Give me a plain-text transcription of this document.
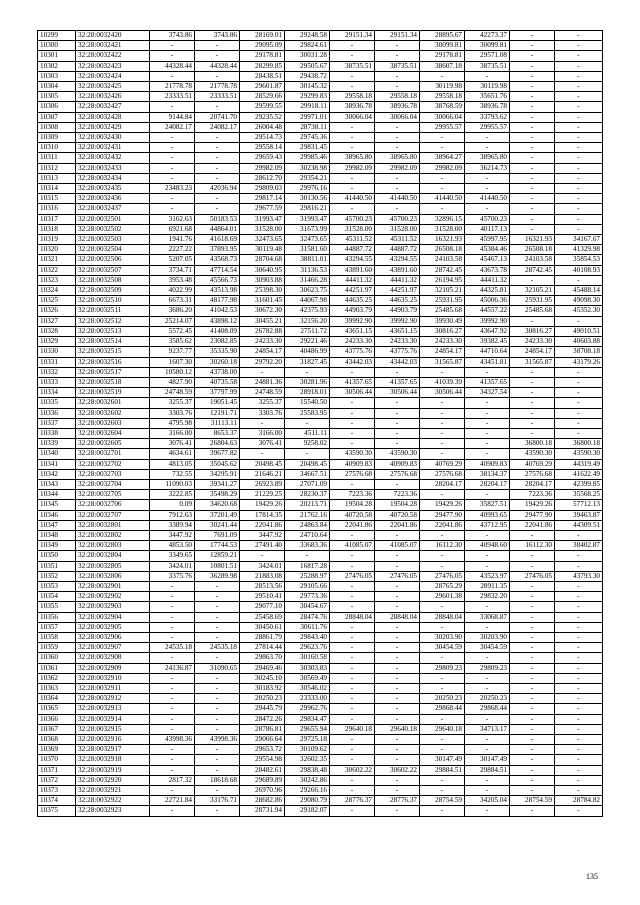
10299	32:28:0032420	3743.86	3743.86	28169.01	29248.58	29151.34	29151.34	28895.67	42273.37	-	-
10300	32:28:0032421	-	-	29095.09	29824.61	-	-	30099.81	30099.81	-	-
10301	32:28:0032422	-	-	29178.81	30031.28	-	-	29178.81	29571.08	-	-
10302	32:28:0032423	44328.44	44328.44	28299.85	29505.67	38735.51	38735.51	38607.18	38735.51	-	-
10303	32:28:0032424	-	-	28438.51	29438.72	-	-	-	-	-	-
10304	32:28:0032425	21778.78	21778.78	29601.87	30145.32	-	-	30119.98	30119.98	-	-
10305	32:28:0032426	23333.51	23333.51	28529.66	29299.83	29558.18	29558.18	29558.18	35651.76	-	-
10306	32:28:0032427	-	-	29599.55	29918.11	38936.78	38936.78	38768.59	38936.78	-	-
10307	32:28:0032428	9144.84	20741.70	29235.52	29971.01	30066.04	30066.04	30066.04	33793.62	-	-
10308	32:28:0032429	24082.17	24082.17	26004.48	28738.11	-	-	29955.57	29955.57	-	-
10309	32:28:0032430	-	-	29514.73	29745.36	-	-	-	-	-	-
10310	32:28:0032431	-	-	29558.14	29831.45	-	-	-	-	-	-
10311	32:28:0032432	-	-	29659.43	29985.46	38965.80	38965.80	38964.27	38965.80	-	-
10312	32:28:0032433	-	-	29982.09	30238.98	29982.09	29982.09	29982.09	36214.73	-	-
10313	32:28:0032434	-	-	28612.70	29354.21	-	-	-	-	-	-
10314	32:28:0032435	23483.23	42036.94	29809.03	29976.16	-	-	-	-	-	-
10315	32:28:0032436	-	-	29817.14	30130.56	41440.50	41440.50	41440.50	41440.50	-	-
10316	32:28:0032437	-	-	29677.59	29816.21	-	-	-	-	-	-
10317	32:28:0032501	3162.63	50183.53	31993.47	31993.47	45700.23	45700.23	32896.15	45700.23	-	-
10318	32:28:0032502	6921.68	44864.01	31528.00	31673.99	31528.00	31528.00	31528.00	40117.13	-	-
10319	32:28:0032503	1941.76	41618.69	32473.65	32473.65	45311.52	45311.52	16321.93	45997.95	16321.93	34167.67
10320	32:28:0032504	2227.22	37893.95	30119.48	31581.60	44887.72	44887.72	26508.18	45384.46	26508.18	41329.98
10321	32:28:0032506	5207.05	43568.73	28704.68	38811.01	43294.55	43294.55	24103.58	45467.13	24103.58	35854.53
10322	32:28:0032507	3734.71	47714.54	30640.95	31136.53	43891.60	43891.60	28742.45	43673.78	28742.45	40108.93
10323	32:28:0032508	3953.48	45566.73	30903.88	31466.28	44411.32	44411.32	26194.95	44411.32	-	-
10324	32:28:0032509	4022.99	43513.98	25398.30	30623.75	44251.97	44251.97	32105.21	44325.81	32105.21	45488.14
10325	32:28:0032510	6673.31	48177.98	31601.45	44067.98	44635.25	44635.25	25931.95	45006.36	25931.95	49098.30
10326	32:28:0032511	3686.20	41042.53	30672.30	42375.93	44903.79	44903.79	25485.68	44557.22	25485.68	45352.30
10327	32:28:0032512	25214.07	43898.12	30455.21	32156.20	39992.90	39992.90	39930.49	39992.90	-	-
10328	32:28:0032513	5572.45	41408.09	26782.88	27511.72	43651.15	43651.15	30816.27	43647.92	30816.27	49010.51
10329	32:28:0032514	3585.62	23082.85	24233.30	29221.46	24233.30	24233.30	24233.30	39382.45	24233.30	40603.88
10330	32:28:0032515	9237.77	35335.90	24854.17	40486.99	43775.76	43775.76	24854.17	44710.64	24854.17	38708.18
10331	32:28:0032516	1607.30	30260.18	29792.20	31827.45	43442.03	43442.03	31565.87	43451.81	31565.87	43179.26
10332	32:28:0032517	10580.12	43738.00	-	-	-	-	-	-	-	-
10333	32:28:0032518	4827.90	40735.58	24881.36	30281.96	41357.65	41357.65	41039.39	41357.65	-	-
10334	32:28:0032519	24748.59	37797.99	24748.59	28918.01	30506.44	30506.44	30506.44	34327.54	-	-
10335	32:28:0032601	3255.37	19051.45	3255.37	15540.50	-	-	-	-	-	-
10336	32:28:0032602	3303.76	12191.71	3303.76	25583.95	-	-	-	-	-	-
10337	32:28:0032603	4795.98	31113.11	-	-	-	-	-	-	-	-
10338	32:28:0032604	3166.00	8653.37	3166.00	4511.11	-	-	-	-	-	-
10339	32:28:0032605	3076.41	26804.63	3076.41	9258.02	-	-	-	-	36800.18	36800.18
10340	32:28:0032701	4634.61	39677.82	-	-	43590.30	43590.30	-	-	43590.30	43590.30
10341	32:28:0032702	4813.05	35045.62	20498.45	20498.45	40909.83	40909.83	40769.29	40909.83	40769.29	44319.49
10342	32:28:0032703	732.55	34295.91	21646.21	34667.51	27576.68	27576.68	27576.68	38134.37	27576.68	41622.49
10343	32:28:0032704	11090.03	39341.27	26923.89	27071.09	-	-	28204.17	28204.17	28204.17	42399.85
10344	32:28:0032705	3222.85	35498.29	21229.25	28230.37	7223.36	7223.36	-	-	7223.36	35568.25
10345	32:28:0032706	0.09	34620.68	19429.26	20213.71	19504.28	19504.28	19429.26	35827.51	19429.26	57712.13
10346	32:28:0032707	7912.63	37201.49	17814.35	21762.16	40720.58	40720.58	29477.90	40993.65	29477.90	39463.87
10347	32:28:0032801	3389.94	30241.44	22041.86	24863.84	22041.86	22041.86	22041.86	43712.95	22041.86	44309.51
10348	32:28:0032802	3447.92	7691.09	3447.92	24710.64	-	-	-	-	-	-
10349	32:28:0032803	4853.50	17744.53	27491.40	33683.36	41085.07	41085.07	16112.30	40948.60	16112.30	38402.87
10350	32:28:0032804	3349.65	12859.21	-	-	-	-	-	-	-	-
10351	32:28:0032805	3424.01	10801.51	3424.01	16817.28	-	-	-	-	-	-
10352	32:28:0032806	3375.76	36289.98	21883.08	25288.97	27476.05	27476.05	27476.05	43523.97	27476.05	43793.30
10353	32:28:0032901	-	-	28513.56	29105.66	-	-	28765.29	28911.35	-	-
10354	32:28:0032902	-	-	29510.41	29773.36	-	-	29601.38	29832.20	-	-
10355	32:28:0032903	-	-	29077.10	30454.67	-	-	-	-	-	-
10356	32:28:0032904	-	-	25458.69	28474.76	28848.04	28848.04	28848.04	33068.87	-	-
10357	32:28:0032905	-	-	30450.61	30611.76	-	-	-	-	-	-
10358	32:28:0032906	-	-	28861.79	29843.40	-	-	30203.90	30203.90	-	-
10359	32:28:0032907	24535.18	24535.18	27814.44	29623.76	-	-	30454.59	30454.59	-	-
10360	32:28:0032908	-	-	29863.70	30160.58	-	-	-	-	-	-
10361	32:28:0032909	24136.87	31090.65	29469.46	30303.83	-	-	29809.23	29809.23	-	-
10362	32:28:0032910	-	-	30245.10	30569.49	-	-	-	-	-	-
10363	32:28:0032911	-	-	30183.92	30546.02	-	-	-	-	-	-
10364	32:28:0032912	-	-	20250.23	23333.00	-	-	20250.23	20250.23	-	-
10365	32:28:0032913	-	-	29445.79	29962.76	-	-	29868.44	29868.44	-	-
10366	32:28:0032914	-	-	28472.26	29834.47	-	-	-	-	-	-
10367	32:28:0032915	-	-	28786.81	29655.94	29640.18	29640.18	29640.18	34713.17	-	-
10368	32:28:0032916	43998.36	43998.36	29066.64	29725.18	-	-	-	-	-	-
10369	32:28:0032917	-	-	29653.72	30109.62	-	-	-	-	-	-
10370	32:28:0032918	-	-	29554.98	32602.35	-	-	30147.49	30147.49	-	-
10371	32:28:0032919	-	-	28482.61	29838.48	30602.22	30602.22	29884.51	29884.51	-	-
10372	32:28:0032920	2817.32	18618.68	29689.89	30242.86	-	-	-	-	-	-
10373	32:28:0032921	-	-	26970.96	29266.16	-	-	-	-	-	-
10374	32:28:0032922	22721.84	33176.71	28682.86	29080.79	28776.37	28776.37	28754.59	34205.04	28754.59	28784.82
10375	32:28:0032923	-	-	28731.94	29182.07	-	-	-	-	-	-
135
